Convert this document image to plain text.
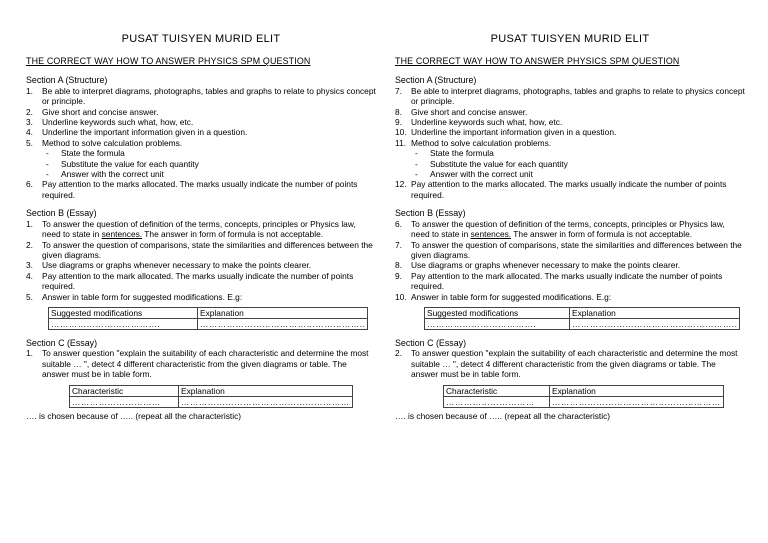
PUSAT TUISYEN MURID ELIT
THE CORRECT WAY HOW TO ANSWER PHYSICS SPM QUESTION
Section A (Structure)
1.	Be able to interpret diagrams, photographs, tables and graphs to relate to physics concept or principle.
2.	Give short and concise answer.
3.	Underline keywords such what, how, etc.
4.	Underline the important information given in a question.
5.	Method to solve calculation problems.
-	State the formula
-	Substitute the value for each quantity
-	Answer with the correct unit
6.	Pay attention to the marks allocated. The marks usually indicate the number of points required.
Section B (Essay)
1.	To answer the question of definition of the terms, concepts, principles or Physics law, need to state in sentences. The answer in form of formula is not acceptable.
2.	To answer the question of comparisons, state the similarities and differences between the given diagrams.
3.	Use diagrams or graphs whenever necessary to make the points clearer.
4.	Pay attention to the mark allocated. The marks usually indicate the number of points required.
5.	Answer in table form for suggested modifications. E.g:
Suggested modifications	Explanation
……………………………….	………………………………………………..
Section C (Essay)
1.	To answer question "explain the suitability of each characteristic and determine the most suitable … ", detect 4 different characteristic from the given diagrams or table. The answer must be in table form.
Characteristic	Explanation
…………………………	…………………………………………………
…. is chosen because of ….. (repeat all the characteristic)
PUSAT TUISYEN MURID ELIT
THE CORRECT WAY HOW TO ANSWER PHYSICS SPM QUESTION
Section A (Structure)
7.	Be able to interpret diagrams, photographs, tables and graphs to relate to physics concept or principle.
8.	Give short and concise answer.
9.	Underline keywords such what, how, etc.
10. Underline the important information given in a question.
11. Method to solve calculation problems.
-	State the formula
-	Substitute the value for each quantity
-	Answer with the correct unit
12. Pay attention to the marks allocated. The marks usually indicate the number of points required.
Section B (Essay)
6.	To answer the question of definition of the terms, concepts, principles or Physics law, need to state in sentences. The answer in form of formula is not acceptable.
7.	To answer the question of comparisons, state the similarities and differences between the given diagrams.
8.	Use diagrams or graphs whenever necessary to make the points clearer.
9.	Pay attention to the mark allocated. The marks usually indicate the number of points required.
10. Answer in table form for suggested modifications. E.g:
Suggested modifications	Explanation
……………………………….	………………………………………………..
Section C (Essay)
2.	To answer question "explain the suitability of each characteristic and determine the most suitable … ", detect 4 different characteristic from the given diagrams or table. The answer must be in table form.
Characteristic	Explanation
…………………………	…………………………………………………
…. is chosen because of ….. (repeat all the characteristic)
